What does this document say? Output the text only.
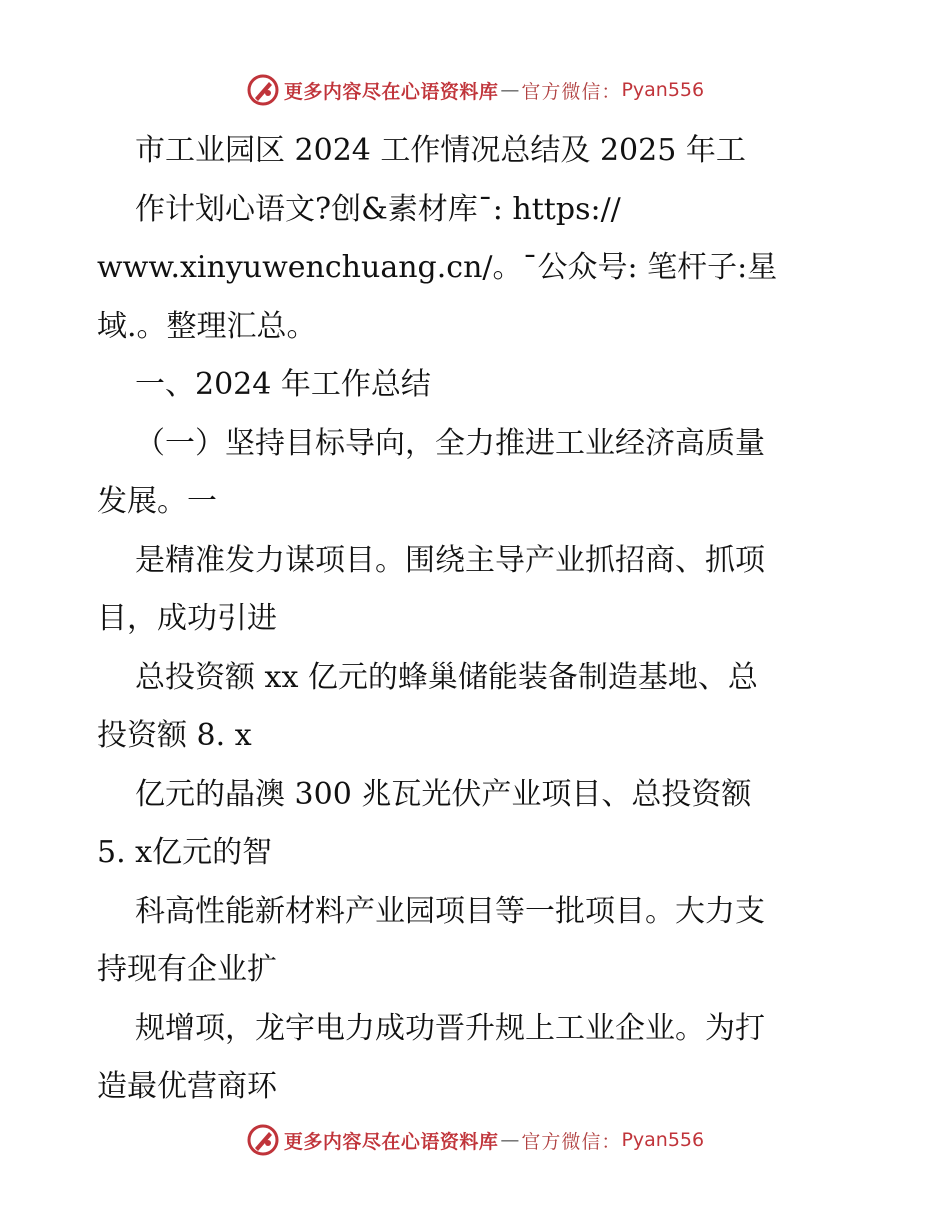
更多内容尽在心语资料库 — 官方微信： Pyan556
市工业园区 2024 工作情况总结及 2025 年工
作计划心语文?创&素材库¯: https://
www.xinyuwenchuang.cn/。¯公众号: 笔杆子:星
域.。整理汇总。
一、2024 年工作总结
（一）坚持目标导向，全力推进工业经济高质量
发展。一
是精准发力谋项目。围绕主导产业抓招商、抓项
目，成功引进
总投资额 xx 亿元的蜂巢储能装备制造基地、总
投资额 8. x
亿元的晶澳 300 兆瓦光伏产业项目、总投资额
5. x亿元的智
科高性能新材料产业园项目等一批项目。大力支
持现有企业扩
规增项，龙宇电力成功晋升规上工业企业。为打
造最优营商环
更多内容尽在心语资料库 — 官方微信： Pyan556
